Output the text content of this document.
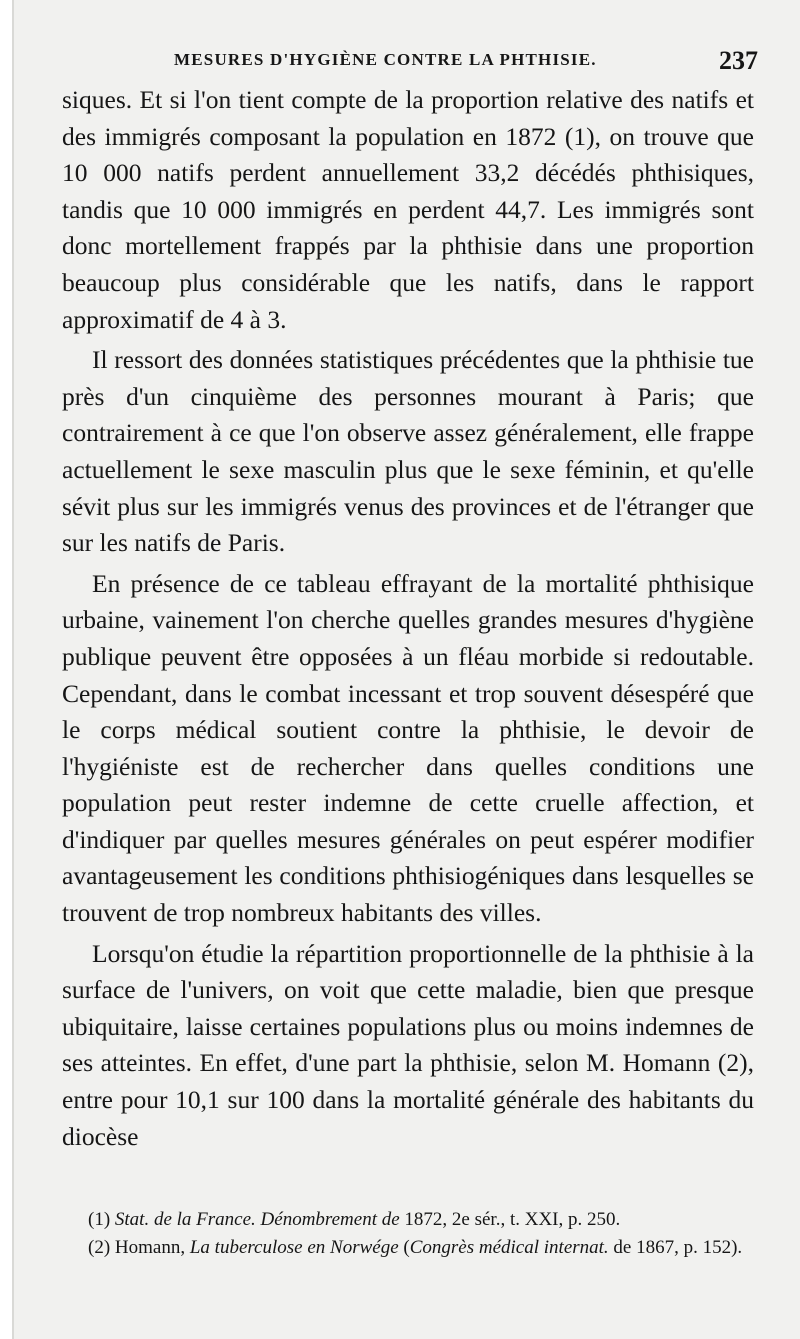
MESURES D'HYGIÈNE CONTRE LA PHTHISIE.	237

siques. Et si l'on tient compte de la proportion relative des natifs et des immigrés composant la population en 1872 (1), on trouve que 10 000 natifs perdent annuellement 33,2 décédés phthisiques, tandis que 10 000 immigrés en perdent 44,7. Les immigrés sont donc mortellement frappés par la phthisie dans une proportion beaucoup plus considérable que les natifs, dans le rapport approximatif de 4 à 3.

Il ressort des données statistiques précédentes que la phthisie tue près d'un cinquième des personnes mourant à Paris; que contrairement à ce que l'on observe assez généralement, elle frappe actuellement le sexe masculin plus que le sexe féminin, et qu'elle sévit plus sur les immigrés venus des provinces et de l'étranger que sur les natifs de Paris.

En présence de ce tableau effrayant de la mortalité phthisique urbaine, vainement l'on cherche quelles grandes mesures d'hygiène publique peuvent être opposées à un fléau morbide si redoutable. Cependant, dans le combat incessant et trop souvent désespéré que le corps médical soutient contre la phthisie, le devoir de l'hygiéniste est de rechercher dans quelles conditions une population peut rester indemne de cette cruelle affection, et d'indiquer par quelles mesures générales on peut espérer modifier avantageusement les conditions phthisiogéniques dans lesquelles se trouvent de trop nombreux habitants des villes.

Lorsqu'on étudie la répartition proportionnelle de la phthisie à la surface de l'univers, on voit que cette maladie, bien que presque ubiquitaire, laisse certaines populations plus ou moins indemnes de ses atteintes. En effet, d'une part la phthisie, selon M. Homann (2), entre pour 10,1 sur 100 dans la mortalité générale des habitants du diocèse

(1) Stat. de la France. Dénombrement de 1872, 2e sér., t. XXI, p. 250.

(2) Homann, La tuberculose en Norwége (Congrès médical internat. de 1867, p. 152).
